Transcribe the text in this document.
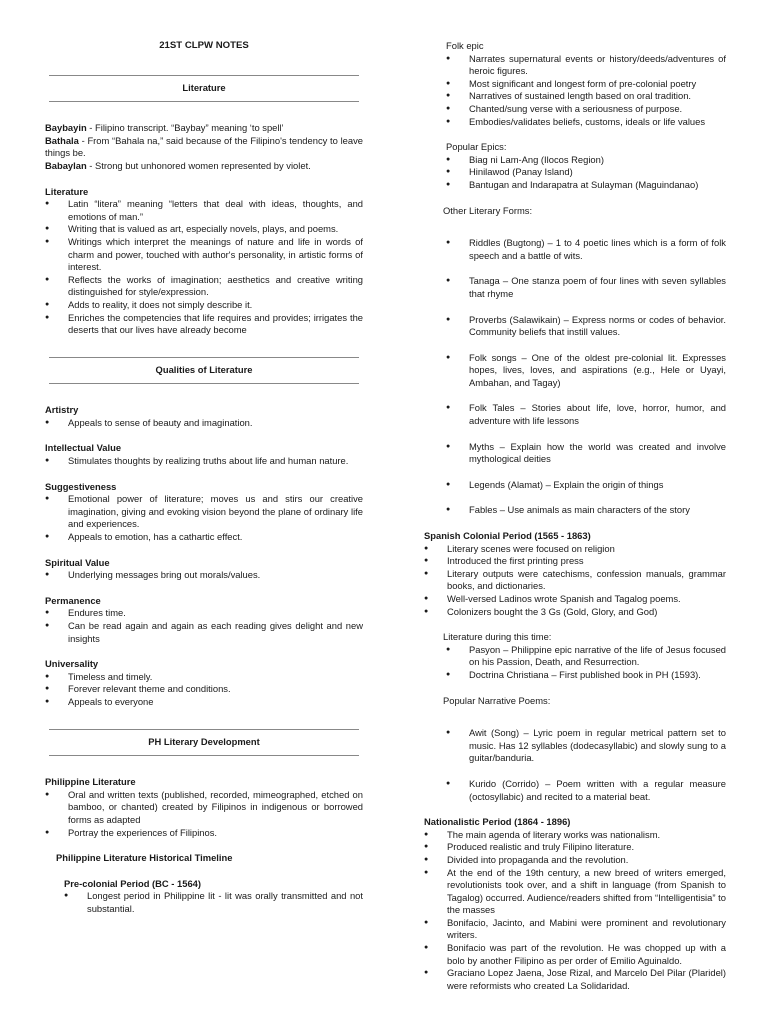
21ST CLPW NOTES
Literature

Baybayin - Filipino transcript. “Baybay” meaning ‘to spell’

Bathala - From “Bahala na,” said because of the Filipino's tendency to leave things be.

Babaylan - Strong but unhonored women represented by violet.

Literature
● Latin “litera” meaning “letters that deal with ideas, thoughts, and emotions of man.”
● Writing that is valued as art, especially novels, plays, and poems.
● Writings which interpret the meanings of nature and life in words of charm and power, touched with author's personality, in artistic forms of interest.
● Reflects the works of imagination; aesthetics and creative writing distinguished for style/expression.
● Adds to reality, it does not simply describe it.
● Enriches the competencies that life requires and provides; irrigates the deserts that our lives have already become
Qualities of Literature
Artistry
● Appeals to sense of beauty and imagination.
Intellectual Value
● Stimulates thoughts by realizing truths about life and human nature.
Suggestiveness
● Emotional power of literature; moves us and stirs our creative imagination, giving and evoking vision beyond the plane of ordinary life and experiences.
● Appeals to emotion, has a cathartic effect.
Spiritual Value
● Underlying messages bring out morals/values.
Permanence
● Endures time.
● Can be read again and again as each reading gives delight and new insights
Universality
● Timeless and timely.
● Forever relevant theme and conditions.
● Appeals to everyone
PH Literary Development
Philippine Literature
● Oral and written texts (published, recorded, mimeographed, etched on bamboo, or chanted) created by Filipinos in indigenous or borrowed forms as adapted
● Portray the experiences of Filipinos.
Philippine Literature Historical Timeline
Pre-colonial Period (BC - 1564)
● Longest period in Philippine lit - lit was orally transmitted and not substantial.
Folk epic
● Narrates supernatural events or history/deeds/adventures of heroic figures.
● Most significant and longest form of pre-colonial poetry
● Narratives of sustained length based on oral tradition.
● Chanted/sung verse with a seriousness of purpose.
● Embodies/validates beliefs, customs, ideals or life values
Popular Epics:
● Biag ni Lam-Ang (Ilocos Region)
● Hinilawod (Panay Island)
● Bantugan and Indarapatra at Sulayman (Maguindanao)
Other Literary Forms:
● Riddles (Bugtong) – 1 to 4 poetic lines which is a form of folk speech and a battle of wits.
● Tanaga – One stanza poem of four lines with seven syllables that rhyme
● Proverbs (Salawikain) – Express norms or codes of behavior. Community beliefs that instill values.
● Folk songs – One of the oldest pre-colonial lit. Expresses hopes, lives, loves, and aspirations (e.g., Hele or Uyayi, Ambahan, and Tagay)
● Folk Tales – Stories about life, love, horror, humor, and adventure with life lessons
● Myths – Explain how the world was created and involve mythological deities
● Legends (Alamat) – Explain the origin of things
● Fables – Use animals as main characters of the story
Spanish Colonial Period (1565 - 1863)
● Literary scenes were focused on religion
● Introduced the first printing press
● Literary outputs were catechisms, confession manuals, grammar books, and dictionaries.
● Well-versed Ladinos wrote Spanish and Tagalog poems.
● Colonizers bought the 3 Gs (Gold, Glory, and God)
Literature during this time:
● Pasyon – Philippine epic narrative of the life of Jesus focused on his Passion, Death, and Resurrection.
● Doctrina Christiana – First published book in PH (1593).
Popular Narrative Poems:
● Awit (Song) – Lyric poem in regular metrical pattern set to music. Has 12 syllables (dodecasyllabic) and slowly sung to a guitar/banduria.
● Kurido (Corrido) – Poem written with a regular measure (octosyllabic) and recited to a material beat.
Nationalistic Period (1864 - 1896)
● The main agenda of literary works was nationalism.
● Produced realistic and truly Filipino literature.
● Divided into propaganda and the revolution.
● At the end of the 19th century, a new breed of writers emerged, revolutionists took over, and a shift in language (from Spanish to Tagalog) occurred. Audience/readers shifted from “Intelligentisia” to the masses
● Bonifacio, Jacinto, and Mabini were prominent and revolutionary writers.
● Bonifacio was part of the revolution. He was chopped up with a bolo by another Filipino as per order of Emilio Aguinaldo.
● Graciano Lopez Jaena, Jose Rizal, and Marcelo Del Pilar (Plaridel) were reformists who created La Solidaridad.
